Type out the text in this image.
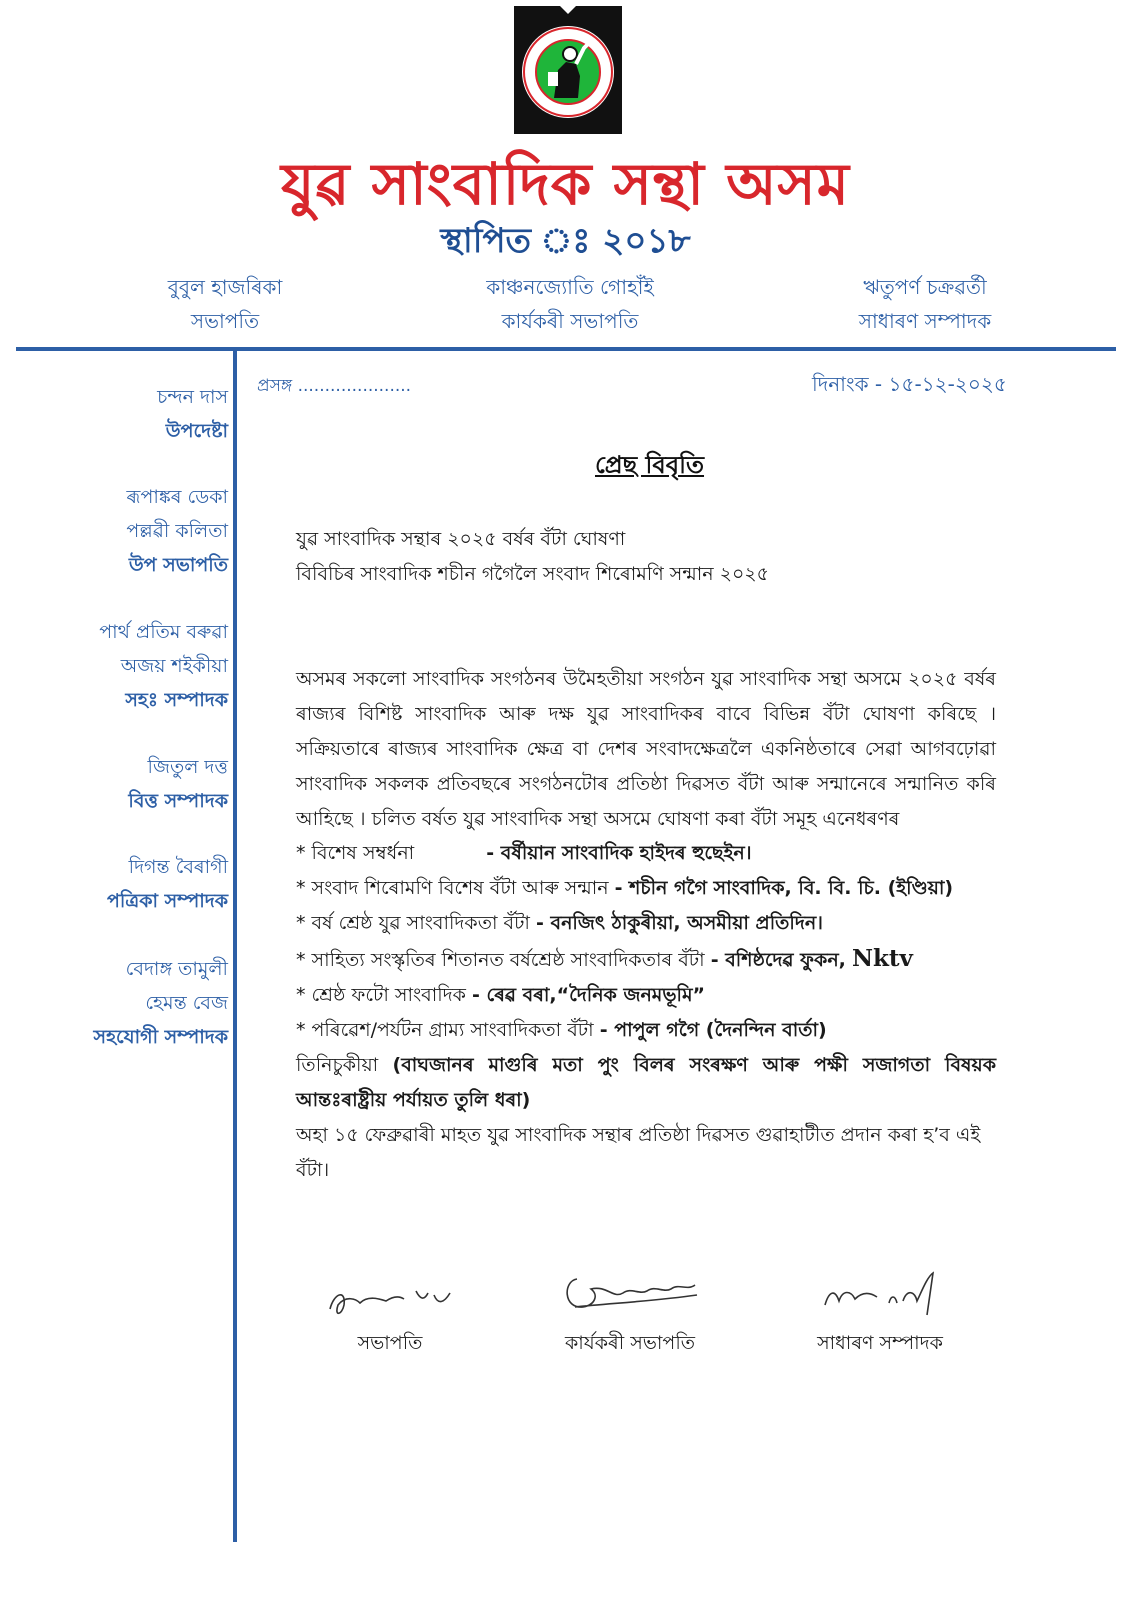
যুৱ সাংবাদিক সন্থা অসম
স্থাপিত ঃ ২০১৮
বুবুল হাজৰিকা
সভাপতি
কাঞ্চনজ্যোতি গোহাঁই
কাৰ্যকৰী সভাপতি
ঋতুপৰ্ণ চক্ৰৱৰ্তী
সাধাৰণ সম্পাদক
চন্দন দাস
উপদেষ্টা
ৰূপাঙ্কৰ ডেকা
পল্লৱী কলিতা
উপ সভাপতি
পাৰ্থ প্ৰতিম বৰুৱা
অজয় শইকীয়া
সহঃ সম্পাদক
জিতুল দত্ত
বিত্ত সম্পাদক
দিগন্ত বৈৰাগী
পত্ৰিকা সম্পাদক
বেদাঙ্গ তামুলী
হেমন্ত বেজ
সহযোগী সম্পাদক
প্ৰসঙ্গ .....................	দিনাংক - ১৫-১২-২০২৫
প্ৰেছ বিবৃতি
যুৱ সাংবাদিক সন্থাৰ ২০২৫ বৰ্ষৰ বঁটা ঘোষণা
বিবিচিৰ সাংবাদিক শচীন গগৈলৈ সংবাদ শিৰোমণি সন্মান ২০২৫
অসমৰ সকলো সাংবাদিক সংগঠনৰ উমৈহতীয়া সংগঠন যুৱ সাংবাদিক সন্থা অসমে ২০২৫ বৰ্ষৰ ৰাজ্যৰ বিশিষ্ট সাংবাদিক আৰু দক্ষ যুৱ সাংবাদিকৰ বাবে বিভিন্ন বঁটা ঘোষণা কৰিছে । সক্ৰিয়তাৰে ৰাজ্যৰ সাংবাদিক ক্ষেত্ৰ বা দেশৰ সংবাদক্ষেত্ৰলৈ একনিষ্ঠতাৰে সেৱা আগবঢ়োৱা সাংবাদিক সকলক প্ৰতিবছৰে সংগঠনটোৰ প্ৰতিষ্ঠা দিৱসত বঁটা আৰু সন্মানেৰে সন্মানিত কৰি আহিছে । চলিত বৰ্ষত যুৱ সাংবাদিক সন্থা অসমে ঘোষণা কৰা বঁটা সমূহ এনেধৰণৰ
* বিশেষ সম্বৰ্ধনা	- বৰ্ষীয়ান সাংবাদিক হাইদৰ হুছেইন।
* সংবাদ শিৰোমণি বিশেষ বঁটা আৰু সন্মান - শচীন গগৈ সাংবাদিক, বি. বি. চি. (ইণ্ডিয়া)
* বৰ্ষ শ্ৰেষ্ঠ যুৱ সাংবাদিকতা বঁটা - বনজিৎ ঠাকুৰীয়া, অসমীয়া প্ৰতিদিন।
* সাহিত্য সংস্কৃতিৰ শিতানত বৰ্ষশ্ৰেষ্ঠ সাংবাদিকতাৰ বঁটা - বশিষ্ঠদেৱ ফুকন, Nktv
* শ্ৰেষ্ঠ ফটো সাংবাদিক - ৰেৱ বৰা,“দৈনিক জনমভূমি”
* পৰিৱেশ/পৰ্যটন গ্ৰাম্য সাংবাদিকতা বঁটা - পাপুল গগৈ (দৈনন্দিন বাৰ্তা)
তিনিচুকীয়া (বাঘজানৰ মাগুৰি মতা পুং বিলৰ সংৰক্ষণ আৰু পক্ষী সজাগতা বিষয়ক আন্তঃৰাষ্ট্ৰীয় পৰ্যায়ত তুলি ধৰা)
অহা ১৫ ফেব্ৰুৱাৰী মাহত যুৱ সাংবাদিক সন্থাৰ প্ৰতিষ্ঠা দিৱসত গুৱাহাটীত প্ৰদান কৰা হ’ব এই বঁটা।
সভাপতি	কাৰ্যকৰী সভাপতি	সাধাৰণ সম্পাদক
